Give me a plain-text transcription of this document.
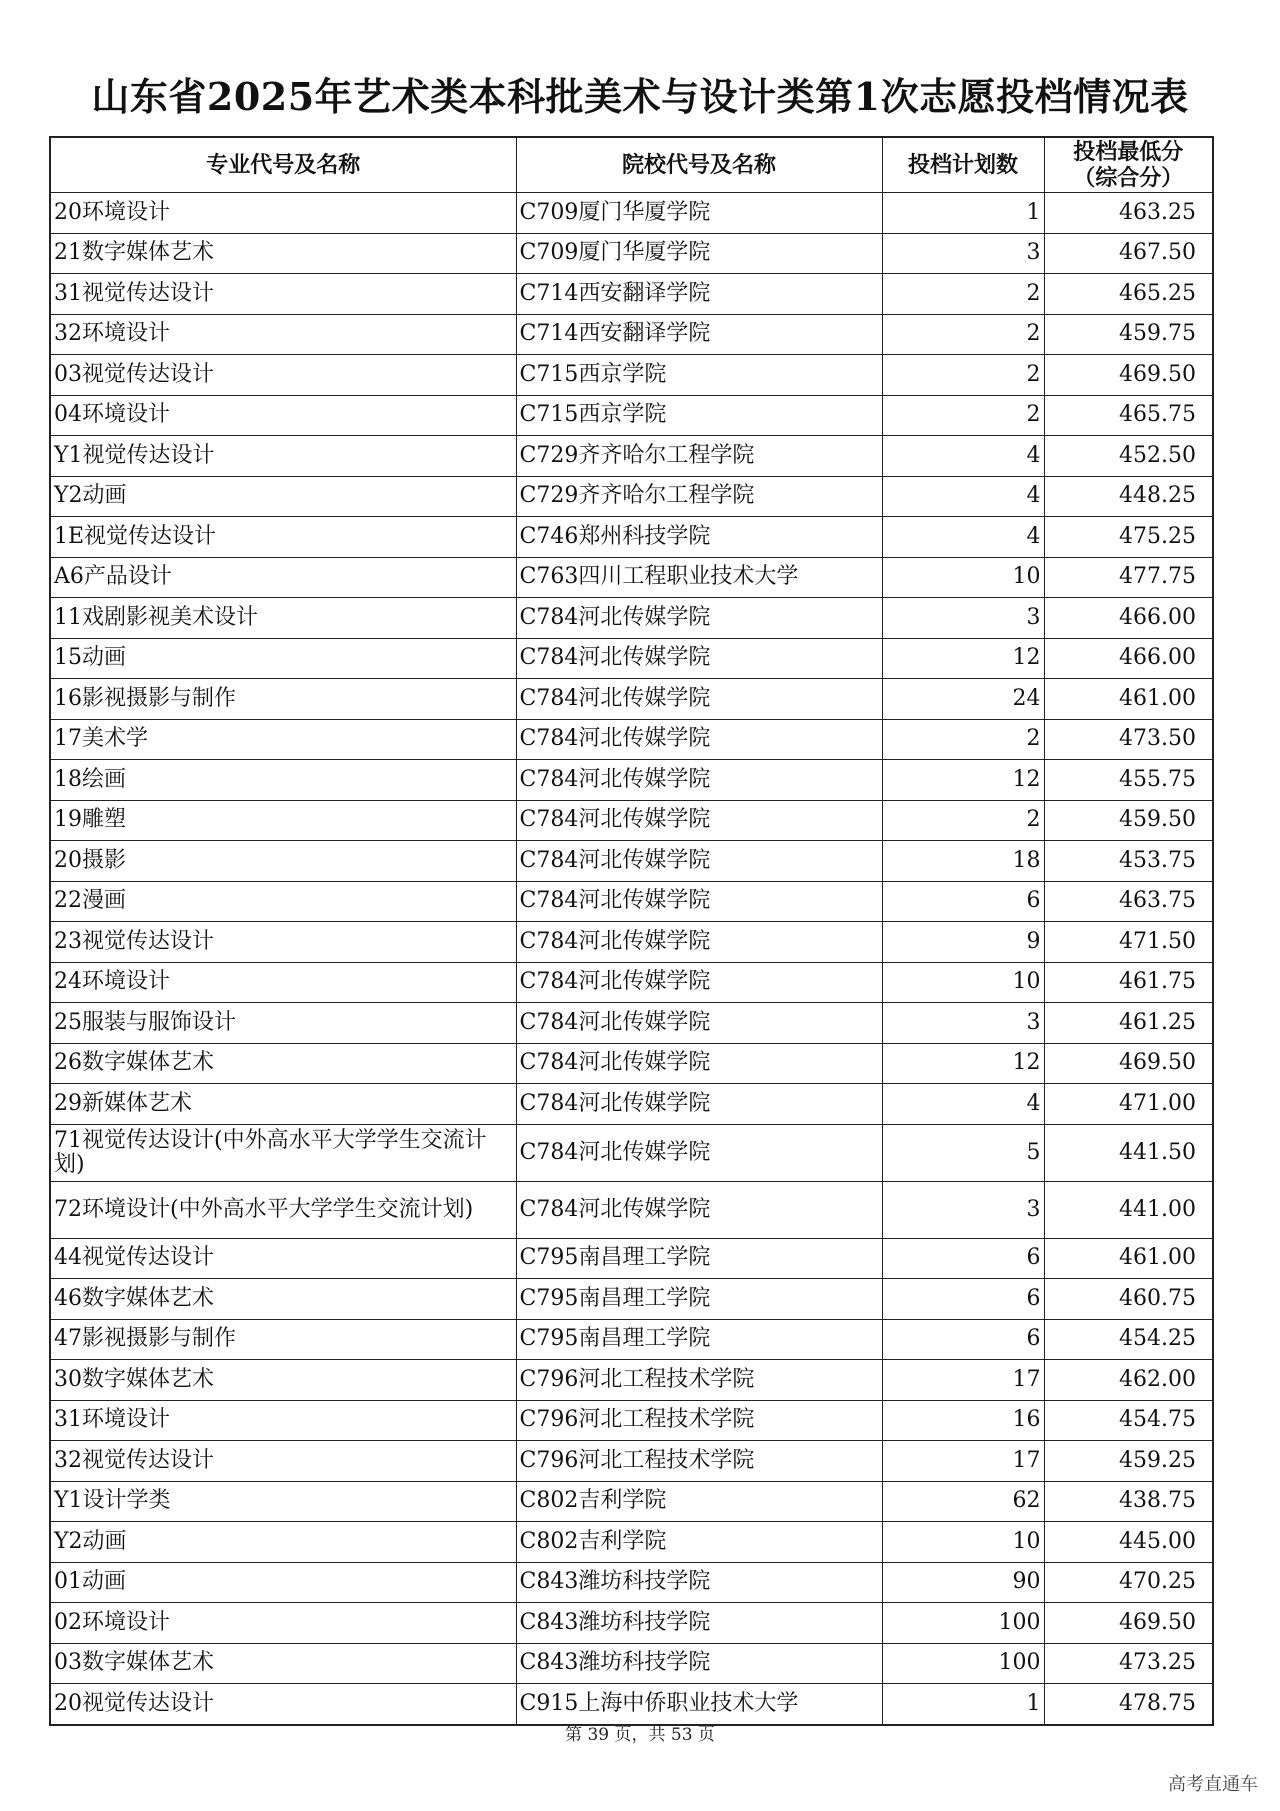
山东省2025年艺术类本科批美术与设计类第1次志愿投档情况表
专业代号及名称	院校代号及名称	投档计划数	投档最低分
（综合分）

20环境设计	C709厦门华厦学院	1	463.25
21数字媒体艺术	C709厦门华厦学院	3	467.50
31视觉传达设计	C714西安翻译学院	2	465.25
32环境设计	C714西安翻译学院	2	459.75
03视觉传达设计	C715西京学院	2	469.50
04环境设计	C715西京学院	2	465.75
Y1视觉传达设计	C729齐齐哈尔工程学院	4	452.50
Y2动画	C729齐齐哈尔工程学院	4	448.25
1E视觉传达设计	C746郑州科技学院	4	475.25
A6产品设计	C763四川工程职业技术大学	10	477.75
11戏剧影视美术设计	C784河北传媒学院	3	466.00
15动画	C784河北传媒学院	12	466.00
16影视摄影与制作	C784河北传媒学院	24	461.00
17美术学	C784河北传媒学院	2	473.50
18绘画	C784河北传媒学院	12	455.75
19雕塑	C784河北传媒学院	2	459.50
20摄影	C784河北传媒学院	18	453.75
22漫画	C784河北传媒学院	6	463.75
23视觉传达设计	C784河北传媒学院	9	471.50
24环境设计	C784河北传媒学院	10	461.75
25服装与服饰设计	C784河北传媒学院	3	461.25
26数字媒体艺术	C784河北传媒学院	12	469.50
29新媒体艺术	C784河北传媒学院	4	471.00
71视觉传达设计(中外高水平大学学生交流计划)	C784河北传媒学院	5	441.50
72环境设计(中外高水平大学学生交流计划)	C784河北传媒学院	3	441.00
44视觉传达设计	C795南昌理工学院	6	461.00
46数字媒体艺术	C795南昌理工学院	6	460.75
47影视摄影与制作	C795南昌理工学院	6	454.25
30数字媒体艺术	C796河北工程技术学院	17	462.00
31环境设计	C796河北工程技术学院	16	454.75
32视觉传达设计	C796河北工程技术学院	17	459.25
Y1设计学类	C802吉利学院	62	438.75
Y2动画	C802吉利学院	10	445.00
01动画	C843潍坊科技学院	90	470.25
02环境设计	C843潍坊科技学院	100	469.50
03数字媒体艺术	C843潍坊科技学院	100	473.25
20视觉传达设计	C915上海中侨职业技术大学	1	478.75
第 39 页，共 53 页
高考直通车
